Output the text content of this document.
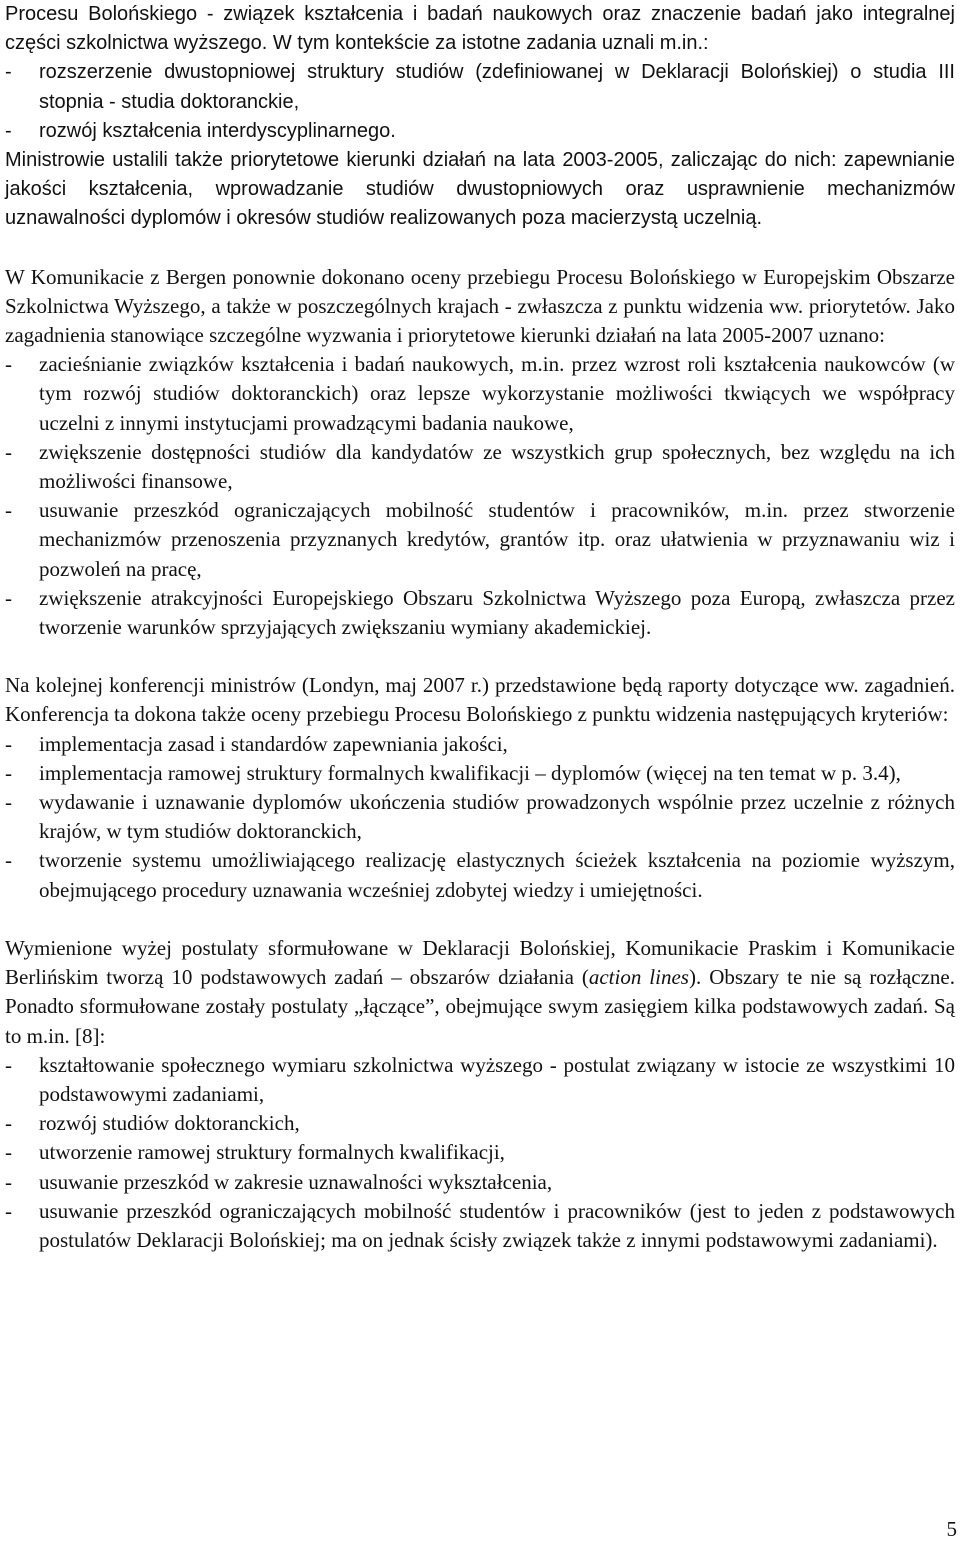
Procesu Bolońskiego - związek kształcenia i badań naukowych oraz znaczenie badań jako integralnej części szkolnictwa wyższego. W tym kontekście za istotne zadania uznali m.in.:

-	rozszerzenie dwustopniowej struktury studiów (zdefiniowanej w Deklaracji Bolońskiej) o studia III stopnia - studia doktoranckie,
-	rozwój kształcenia interdyscyplinarnego.

Ministrowie ustalili także priorytetowe kierunki działań na lata 2003-2005, zaliczając do nich: zapewnianie jakości kształcenia, wprowadzanie studiów dwustopniowych oraz usprawnienie mechanizmów uznawalności dyplomów i okresów studiów realizowanych poza macierzystą uczelnią.

W Komunikacie z Bergen ponownie dokonano oceny przebiegu Procesu Bolońskiego w Europejskim Obszarze Szkolnictwa Wyższego, a także w poszczególnych krajach - zwłaszcza z punktu widzenia ww. priorytetów. Jako zagadnienia stanowiące szczególne wyzwania i priorytetowe kierunki działań na lata 2005-2007 uznano:

-	zacieśnianie związków kształcenia i badań naukowych, m.in. przez wzrost roli kształcenia naukowców (w tym rozwój studiów doktoranckich) oraz lepsze wykorzystanie możliwości tkwiących we współpracy uczelni z innymi instytucjami prowadzącymi badania naukowe,
-	zwiększenie dostępności studiów dla kandydatów ze wszystkich grup społecznych, bez względu na ich możliwości finansowe,
-	usuwanie przeszkód ograniczających mobilność studentów i pracowników, m.in. przez stworzenie mechanizmów przenoszenia przyznanych kredytów, grantów itp. oraz ułatwienia w przyznawaniu wiz i pozwoleń na pracę,
-	zwiększenie atrakcyjności Europejskiego Obszaru Szkolnictwa Wyższego poza Europą, zwłaszcza przez tworzenie warunków sprzyjających zwiększaniu wymiany akademickiej.

Na kolejnej konferencji ministrów (Londyn, maj 2007 r.) przedstawione będą raporty dotyczące ww. zagadnień. Konferencja ta dokona także oceny przebiegu Procesu Bolońskiego z punktu widzenia następujących kryteriów:

-	implementacja zasad i standardów zapewniania jakości,
-	implementacja ramowej struktury formalnych kwalifikacji – dyplomów (więcej na ten temat w p. 3.4),
-	wydawanie i uznawanie dyplomów ukończenia studiów prowadzonych wspólnie przez uczelnie z różnych krajów, w tym studiów doktoranckich,
-	tworzenie systemu umożliwiającego realizację elastycznych ścieżek kształcenia na poziomie wyższym, obejmującego procedury uznawania wcześniej zdobytej wiedzy i umiejętności.

Wymienione wyżej postulaty sformułowane w Deklaracji Bolońskiej, Komunikacie Praskim i Komunikacie Berlińskim tworzą 10 podstawowych zadań – obszarów działania (action lines). Obszary te nie są rozłączne. Ponadto sformułowane zostały postulaty „łączące”, obejmujące swym zasięgiem kilka podstawowych zadań. Są to m.in. [8]:

-	kształtowanie społecznego wymiaru szkolnictwa wyższego - postulat związany w istocie ze wszystkimi 10 podstawowymi zadaniami,
-	rozwój studiów doktoranckich,
-	utworzenie ramowej struktury formalnych kwalifikacji,
-	usuwanie przeszkód w zakresie uznawalności wykształcenia,
-	usuwanie przeszkód ograniczających mobilność studentów i pracowników (jest to jeden z podstawowych postulatów Deklaracji Bolońskiej; ma on jednak ścisły związek także z innymi podstawowymi zadaniami).
5
